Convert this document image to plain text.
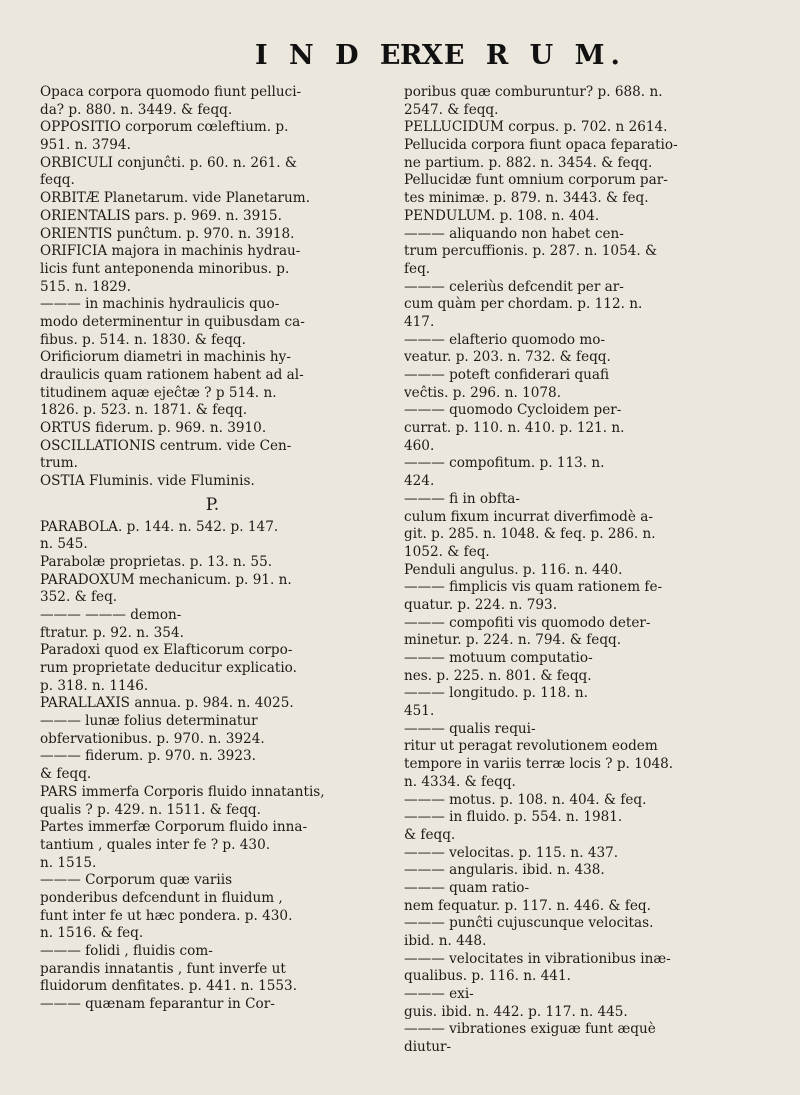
I N D E X
R E R U M.
Opaca corpora quomodo fiunt pelluci-
da? p. 880. n. 3449. & feqq.
OPPOSITIO corporum cœleftium. p.
951. n. 3794.
ORBICULI conjunĉti. p. 60. n. 261. &
feqq.
ORBITÆ Planetarum. vide Planetarum.
ORIENTALIS pars. p. 969. n. 3915.
ORIENTIS punĉtum. p. 970. n. 3918.
ORIFICIA majora in machinis hydrau-
licis funt anteponenda minoribus. p.
515. n. 1829.
——— in machinis hydraulicis quo-
modo determinentur in quibusdam ca-
fibus. p. 514. n. 1830. & feqq.
Orificiorum diametri in machinis hy-
draulicis quam rationem habent ad al-
titudinem aquæ ejeĉtæ ? p 514. n.
1826. p. 523. n. 1871. & feqq.
ORTUS fiderum. p. 969. n. 3910.
OSCILLATIONIS centrum. vide Cen-
trum.
OSTIA Fluminis. vide Fluminis.
P.
PARABOLA. p. 144. n. 542. p. 147.
n. 545.
Parabolæ proprietas. p. 13. n. 55.
PARADOXUM mechanicum. p. 91. n.
352. & feq.
——— ——— demon-
ftratur. p. 92. n. 354.
Paradoxi quod ex Elafticorum corpo-
rum proprietate deducitur explicatio.
p. 318. n. 1146.
PARALLAXIS annua. p. 984. n. 4025.
——— lunæ folius determinatur
obfervationibus. p. 970. n. 3924.
——— fiderum. p. 970. n. 3923.
& feqq.
PARS immerfa Corporis fluido innatantis,
qualis ? p. 429. n. 1511. & feqq.
Partes immerfæ Corporum fluido inna-
tantium , quales inter fe ? p. 430.
n. 1515.
——— Corporum quæ variis
ponderibus defcendunt in fluidum ,
funt inter fe ut hæc pondera. p. 430.
n. 1516. & feq.
——— folidi , fluidis com-
parandis innatantis , funt inverfe ut
fluidorum denfitates. p. 441. n. 1553.
——— quænam feparantur in Cor-
poribus quæ comburuntur? p. 688. n.
2547. & feqq.
PELLUCIDUM corpus. p. 702. n 2614.
Pellucida corpora fiunt opaca feparatio-
ne partium. p. 882. n. 3454. & feqq.
Pellucidæ funt omnium corporum par-
tes minimæ. p. 879. n. 3443. & feq.
PENDULUM. p. 108. n. 404.
——— aliquando non habet cen-
trum percuffionis. p. 287. n. 1054. &
feq.
——— celeriùs defcendit per ar-
cum quàm per chordam. p. 112. n.
417.
——— elafterio quomodo mo-
veatur. p. 203. n. 732. & feqq.
——— poteft confiderari quafi
veĉtis. p. 296. n. 1078.
——— quomodo Cycloidem per-
currat. p. 110. n. 410. p. 121. n.
460.
——— compofitum. p. 113. n.
424.
——— fi in obfta-
culum fixum incurrat diverfimodè a-
git. p. 285. n. 1048. & feq. p. 286. n.
1052. & feq.
Penduli angulus. p. 116. n. 440.
——— fimplicis vis quam rationem fe-
quatur. p. 224. n. 793.
——— compofiti vis quomodo deter-
minetur. p. 224. n. 794. & feqq.
——— motuum computatio-
nes. p. 225. n. 801. & feqq.
——— longitudo. p. 118. n.
451.
——— qualis requi-
ritur ut peragat revolutionem eodem
tempore in variis terræ locis ? p. 1048.
n. 4334. & feqq.
——— motus. p. 108. n. 404. & feq.
——— in fluido. p. 554. n. 1981.
& feqq.
——— velocitas. p. 115. n. 437.
——— angularis. ibid. n. 438.
——— quam ratio-
nem fequatur. p. 117. n. 446. & feq.
——— punĉti cujuscunque velocitas.
ibid. n. 448.
——— velocitates in vibrationibus inæ-
qualibus. p. 116. n. 441.
——— exi-
guis. ibid. n. 442. p. 117. n. 445.
——— vibrationes exiguæ funt æquè
diutur-
